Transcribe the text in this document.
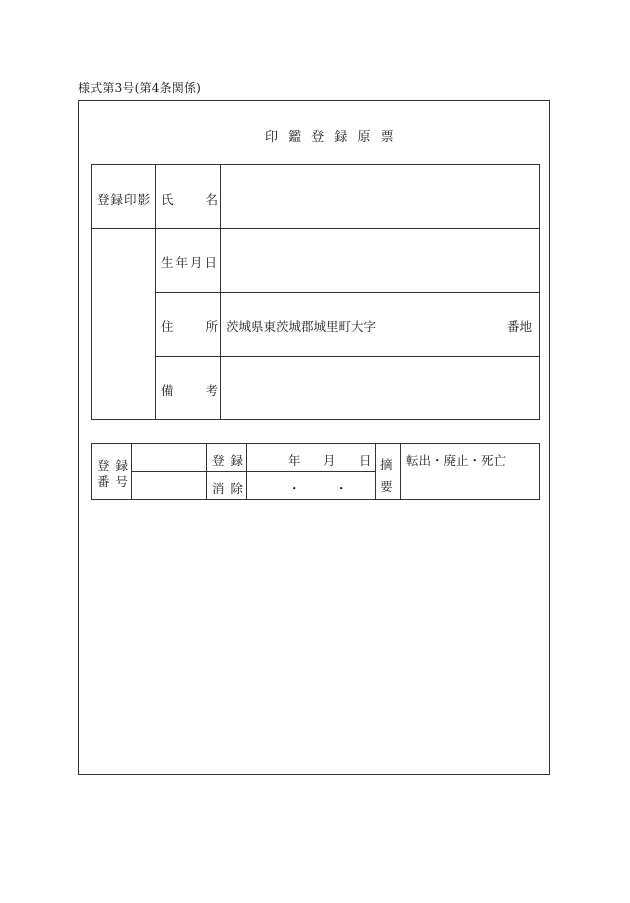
様式第3号(第4条関係)
印 鑑 登 録 原 票
登録印影 氏 名
生年月日
住 所 茨城県東茨城郡城里町大字	番地
備 考
登 録
番 号
登 録
消 除
年 月 日
・	・
摘
要
転出・廃止・死亡
